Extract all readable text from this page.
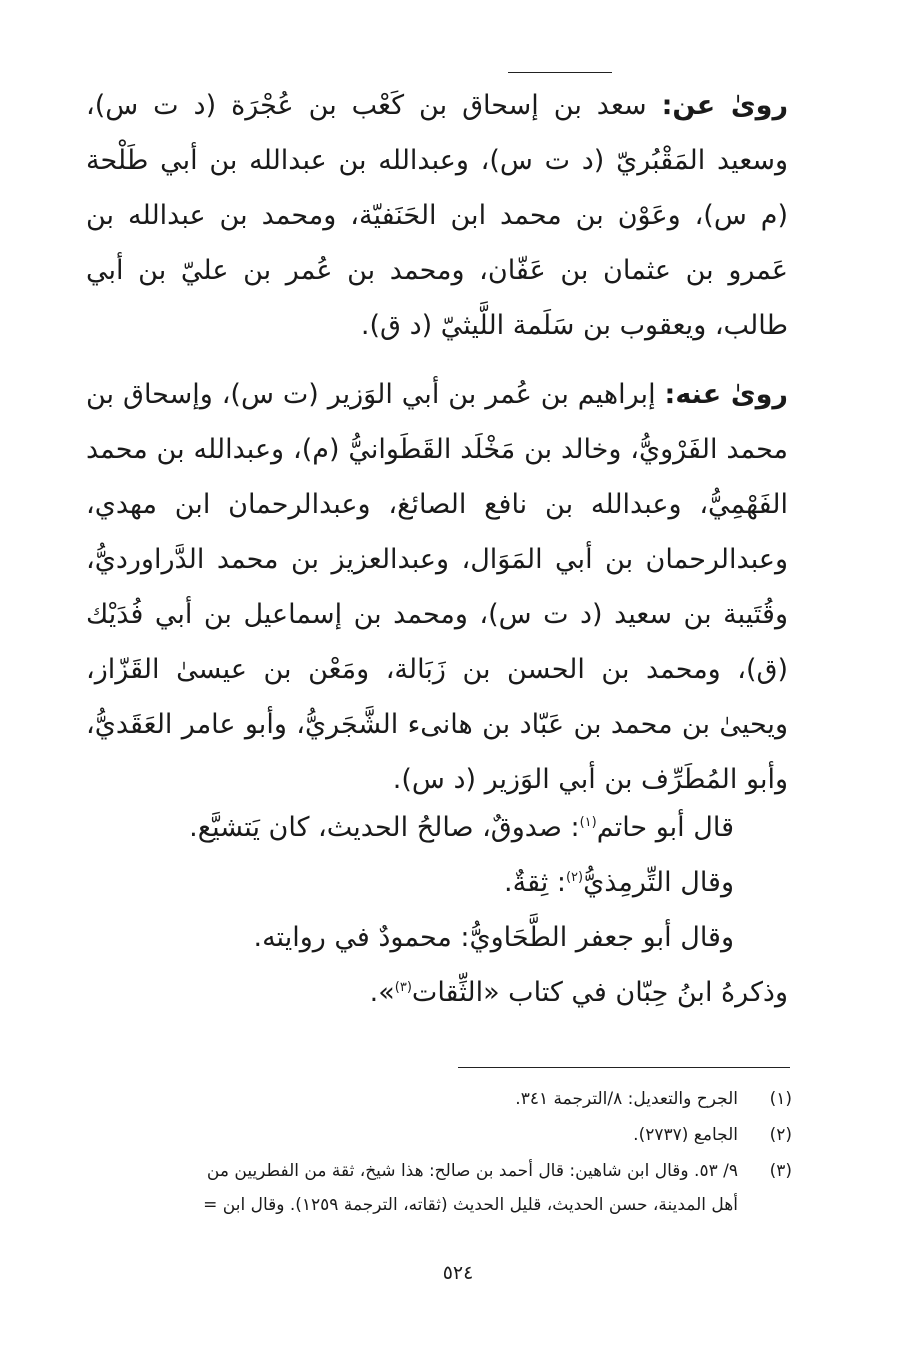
روىٰ عن: سعد بن إسحاق بن كَعْب بن عُجْرَة (د ت س)، وسعيد المَقْبُريّ (د ت س)، وعبدالله بن عبدالله بن أبي طَلْحة (م س)، وعَوْن بن محمد ابن الحَنَفيّة، ومحمد بن عبدالله بن عَمرو بن عثمان بن عَفّان، ومحمد بن عُمر بن عليّ بن أبي طالب، ويعقوب بن سَلَمة اللَّيثيّ (د ق).

روىٰ عنه: إبراهيم بن عُمر بن أبي الوَزير (ت س)، وإسحاق بن محمد الفَرْويُّ، وخالد بن مَخْلَد القَطَوانيُّ (م)، وعبدالله بن محمد الفَهْمِيُّ، وعبدالله بن نافع الصائغ، وعبدالرحمان ابن مهدي، وعبدالرحمان بن أبي المَوَال، وعبدالعزيز بن محمد الدَّراورديُّ، وقُتَيبة بن سعيد (د ت س)، ومحمد بن إسماعيل بن أبي فُدَيْك (ق)، ومحمد بن الحسن بن زَبَالة، ومَعْن بن عيسىٰ القَزّاز، ويحيىٰ بن محمد بن عَبّاد بن هانىء الشَّجَريُّ، وأبو عامر العَقَديُّ، وأبو المُطَرِّف بن أبي الوَزير (د س).

قال أبو حاتم$^{(١)}$: صدوقٌ، صالحُ الحديث، كان يَتشيَّع.

وقال التِّرمِذيُّ$^{(٢)}$: ثِقةٌ.

وقال أبو جعفر الطَّحَاويُّ: محمودٌ في روايته.

وذكرهُ ابنُ حِبّان في كتاب «الثِّقات$^{(٣)}$».

(١)
الجرح والتعديل: ٨/الترجمة ٣٤١.
(٢)
الجامع (٢٧٣٧).
(٣)
٩/ ٥٣. وقال ابن شاهين: قال أحمد بن صالح: هذا شيخ، ثقة من الفطريين من
أهل المدينة، حسن الحديث، قليل الحديث (ثقاته، الترجمة ١٢٥٩). وقال ابن =
٥٢٤
